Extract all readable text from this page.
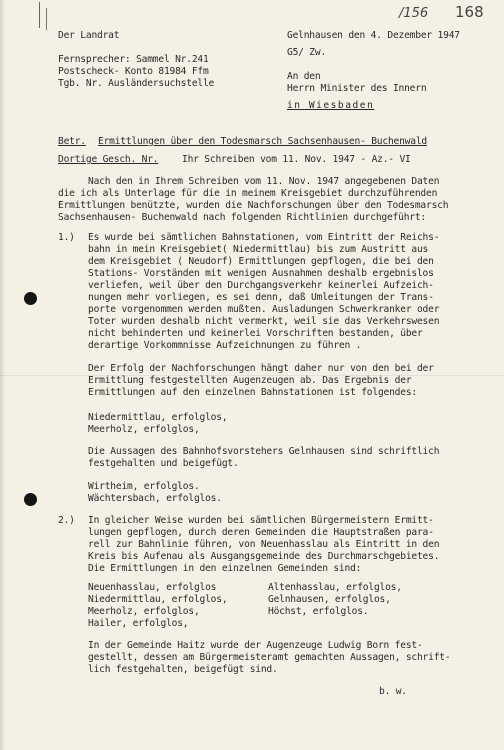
/156 168
Der Landrat
Fernsprecher: Sammel Nr.241
Postscheck- Konto 81984 Ffm
Tgb. Nr. Ausländersuchstelle
Gelnhausen den 4. Dezember 1947
G5/ Zw.
An den
Herrn Minister des Innern
in Wiesbaden
Betr. Ermittlungen über den Todesmarsch Sachsenhausen- Buchenwald
Dortige Gesch. Nr. Ihr Schreiben vom 11. Nov. 1947 - Az.- VI
Nach den in Ihrem Schreiben vom 11. Nov. 1947 angegebenen Daten
die ich als Unterlage für die in meinem Kreisgebiet durchzuführenden
Ermittlungen benützte, wurden die Nachforschungen über den Todesmarsch
Sachsenhausen- Buchenwald nach folgenden Richtlinien durchgeführt:
1.) Es wurde bei sämtlichen Bahnstationen, vom Eintritt der Reichs-
bahn in mein Kreisgebiet( Niedermittlau) bis zum Austritt aus
dem Kreisgebiet ( Neudorf) Ermittlungen gepflogen, die bei den
Stations- Vorständen mit wenigen Ausnahmen deshalb ergebnislos
verliefen, weil über den Durchgangsverkehr keinerlei Aufzeich-
nungen mehr vorliegen, es sei denn, daß Umleitungen der Trans-
porte vorgenommen werden mußten. Ausladungen Schwerkranker oder
Toter wurden deshalb nicht vermerkt, weil sie das Verkehrswesen
nicht behinderten und keinerlei Vorschriften bestanden, über
derartige Vorkommnisse Aufzeichnungen zu führen .
Der Erfolg der Nachforschungen hängt daher nur von den bei der
Ermittlung festgestellten Augenzeugen ab. Das Ergebnis der
Ermittlungen auf den einzelnen Bahnstationen ist folgendes:
Niedermittlau, erfolglos,
Meerholz, erfolglos,
Die Aussagen des Bahnhofsvorstehers Gelnhausen sind schriftlich
festgehalten und beigefügt.
Wirtheim, erfolglos.
Wächtersbach, erfolglos.
2.) In gleicher Weise wurden bei sämtlichen Bürgermeistern Ermitt-
lungen gepflogen, durch deren Gemeinden die Hauptstraßen para-
rell zur Bahnlinie führen, von Neuenhasslau als Eintritt in den
Kreis bis Aufenau als Ausgangsgemeinde des Durchmarschgebietes.
Die Ermittlungen in den einzelnen Gemeinden sind:
Neuenhasslau, erfolglos
Niedermittlau, erfolglos,
Meerholz, erfolglos,
Hailer, erfolglos,
Altenhasslau, erfolglos,
Gelnhausen, erfolglos,
Höchst, erfolglos.
In der Gemeinde Haitz wurde der Augenzeuge Ludwig Born fest-
gestellt, dessen am Bürgermeisteramt gemachten Aussagen, schrift-
lich festgehalten, beigefügt sind.
b. w.
